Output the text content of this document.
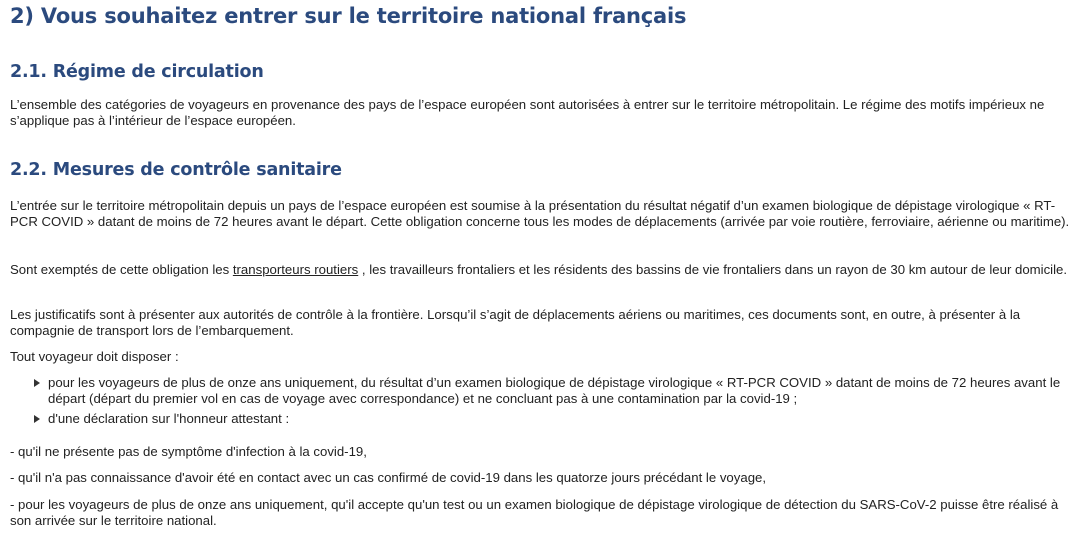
2) Vous souhaitez entrer sur le territoire national français
2.1. Régime de circulation

L’ensemble des catégories de voyageurs en provenance des pays de l’espace européen sont autorisées à entrer sur le territoire métropolitain. Le régime des motifs impérieux ne s’applique pas à l’intérieur de l’espace européen.

2.2. Mesures de contrôle sanitaire

L’entrée sur le territoire métropolitain depuis un pays de l’espace européen est soumise à la présentation du résultat négatif d’un examen biologique de dépistage virologique « RT-PCR COVID » datant de moins de 72 heures avant le départ. Cette obligation concerne tous les modes de déplacements (arrivée par voie routière, ferroviaire, aérienne ou maritime).

Sont exemptés de cette obligation les transporteurs routiers , les travailleurs frontaliers et les résidents des bassins de vie frontaliers dans un rayon de 30 km autour de leur domicile.

Les justificatifs sont à présenter aux autorités de contrôle à la frontière. Lorsqu’il s’agit de déplacements aériens ou maritimes, ces documents sont, en outre, à présenter à la compagnie de transport lors de l’embarquement.

Tout voyageur doit disposer :

pour les voyageurs de plus de onze ans uniquement, du résultat d’un examen biologique de dépistage virologique « RT-PCR COVID » datant de moins de 72 heures avant le départ (départ du premier vol en cas de voyage avec correspondance) et ne concluant pas à une contamination par la covid-19 ;
d'une déclaration sur l'honneur attestant :

- qu'il ne présente pas de symptôme d'infection à la covid-19,

- qu'il n'a pas connaissance d'avoir été en contact avec un cas confirmé de covid-19 dans les quatorze jours précédant le voyage,

- pour les voyageurs de plus de onze ans uniquement, qu'il accepte qu'un test ou un examen biologique de dépistage virologique de détection du SARS-CoV-2 puisse être réalisé à son arrivée sur le territoire national.
